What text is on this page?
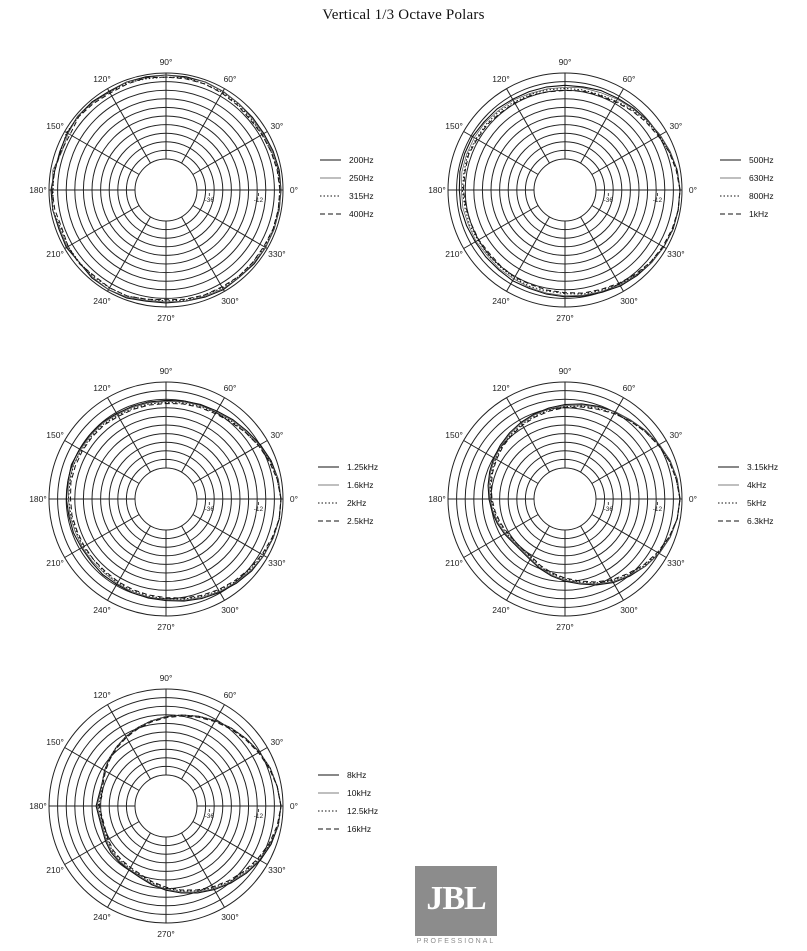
Vertical 1/3 Octave Polars
0°
30°
60°
90°
120°
150°
180°
210°
240°
270°
300°
330°
-36	-12
200Hz
250Hz
315Hz
400Hz
0°
30°
60°
90°
120°
150°
180°
210°
240°
270°
300°
330°
-36	-12
500Hz
630Hz
800Hz
1kHz
0°
30°
60°
90°
120°
150°
180°
210°
240°
270°
300°
330°
-36	-12
1.25kHz
1.6kHz
2kHz
2.5kHz
0°
30°
60°
90°
120°
150°
180°
210°
240°
270°
300°
330°
-36	-12
3.15kHz
4kHz
5kHz
6.3kHz
0°
30°
60°
90°
120°
150°
180°
210°
240°
270°
300°
330°
-36	-12
8kHz
10kHz
12.5kHz
16kHz
JBL
PROFESSIONAL
